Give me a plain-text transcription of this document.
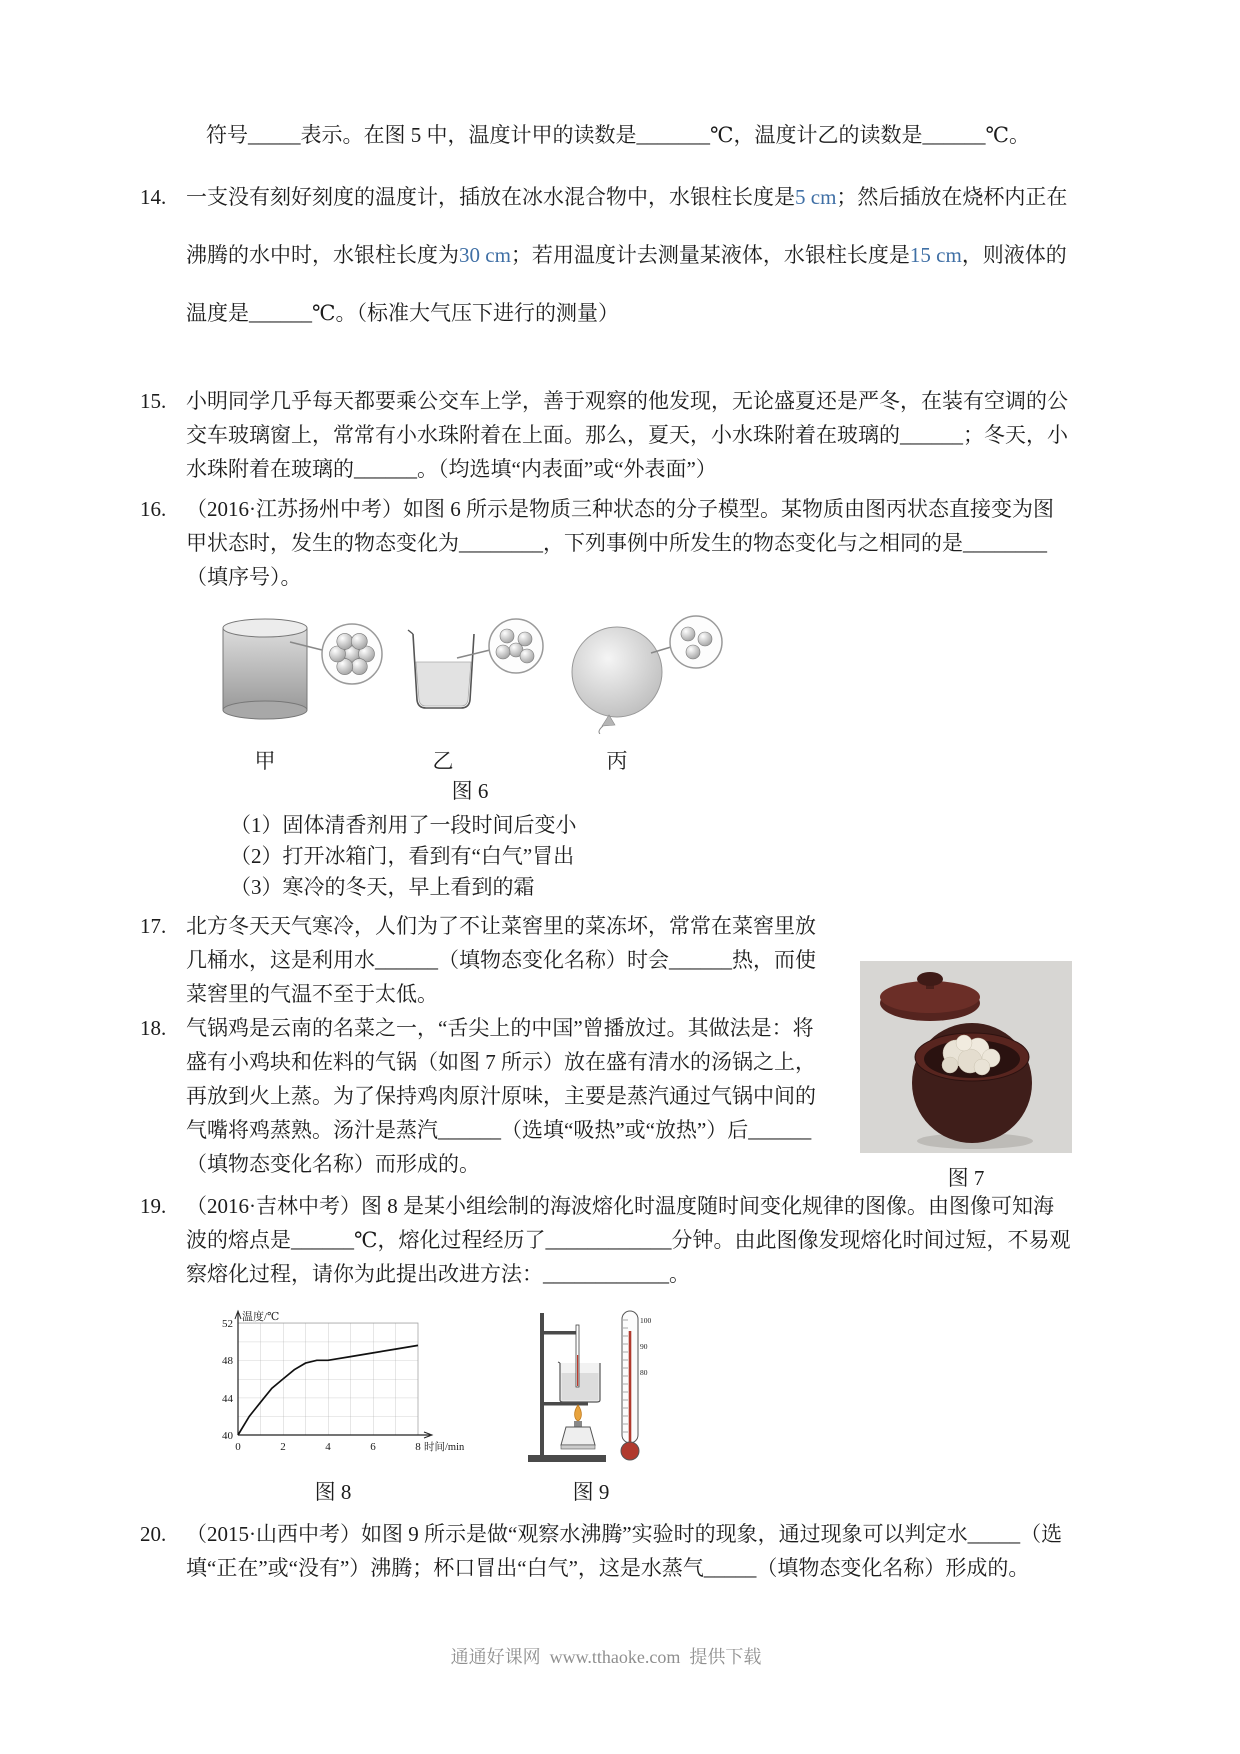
符号_____表示。在图 5 中，温度计甲的读数是_______℃，温度计乙的读数是______℃。
14. 一支没有刻好刻度的温度计，插放在冰水混合物中，水银柱长度是5 cm；然后插放在烧杯内正在沸腾的水中时，水银柱长度为30 cm；若用温度计去测量某液体，水银柱长度是15 cm，则液体的温度是______℃。（标准大气压下进行的测量）
15. 小明同学几乎每天都要乘公交车上学，善于观察的他发现，无论盛夏还是严冬，在装有空调的公交车玻璃窗上，常常有小水珠附着在上面。那么，夏天，小水珠附着在玻璃的______；冬天，小水珠附着在玻璃的______。（均选填“内表面”或“外表面”）
16. （2016·江苏扬州中考）如图 6 所示是物质三种状态的分子模型。某物质由图丙状态直接变为图甲状态时，发生的物态变化为________，下列事例中所发生的物态变化与之相同的是________（填序号）。
甲	乙	丙
图 6
（1）固体清香剂用了一段时间后变小
（2）打开冰箱门，看到有“白气”冒出
（3）寒冷的冬天，早上看到的霜
17. 北方冬天天气寒冷，人们为了不让菜窖里的菜冻坏，常常在菜窖里放几桶水，这是利用水______（填物态变化名称）时会______热，而使菜窖里的气温不至于太低。
18. 气锅鸡是云南的名菜之一，“舌尖上的中国”曾播放过。其做法是：将盛有小鸡块和佐料的气锅（如图 7 所示）放在盛有清水的汤锅之上，再放到火上蒸。为了保持鸡肉原汁原味，主要是蒸汽通过气锅中间的气嘴将鸡蒸熟。汤汁是蒸汽______（选填“吸热”或“放热”）后______（填物态变化名称）而形成的。
图 7
19. （2016·吉林中考）图 8 是某小组绘制的海波熔化时温度随时间变化规律的图像。由图像可知海波的熔点是______℃，熔化过程经历了____________分钟。由此图像发现熔化时间过短，不易观察熔化过程，请你为此提出改进方法：____________。
52
48
44
40
0	2	4	6	8
温度/℃
时间/min
图 8
100
90
80
图 9
20. （2015·山西中考）如图 9 所示是做“观察水沸腾”实验时的现象，通过现象可以判定水_____（选填“正在”或“没有”）沸腾；杯口冒出“白气”，这是水蒸气_____（填物态变化名称）形成的。
通通好课网  www.tthaoke.com  提供下载
